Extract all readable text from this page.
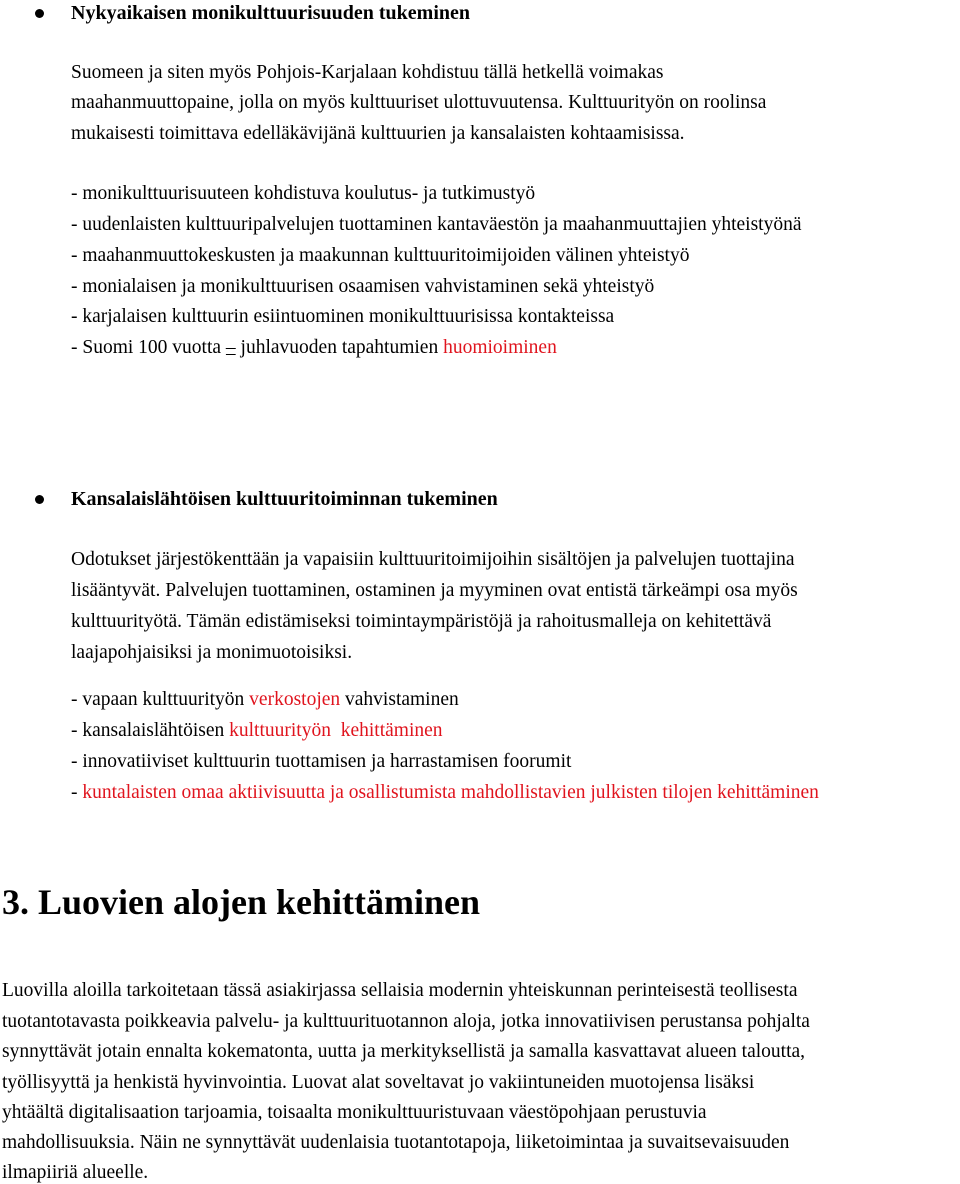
Nykyaikaisen monikulttuurisuuden tukeminen
Suomeen ja siten myös Pohjois-Karjalaan kohdistuu tällä hetkellä voimakas
maahanmuuttopaine, jolla on myös kulttuuriset ulottuvuutensa. Kulttuurityön on roolinsa
mukaisesti toimittava edelläkävijänä kulttuurien ja kansalaisten kohtaamisissa.
- monikulttuurisuuteen kohdistuva koulutus- ja tutkimustyö
- uudenlaisten kulttuuripalvelujen tuottaminen kantaväestön ja maahanmuuttajien yhteistyönä
- maahanmuuttokeskusten ja maakunnan kulttuuritoimijoiden välinen yhteistyö
- monialaisen ja monikulttuurisen osaamisen vahvistaminen sekä yhteistyö
- karjalaisen kulttuurin esiintuominen monikulttuurisissa kontakteissa
- Suomi 100 vuotta – juhlavuoden tapahtumien huomioiminen
Kansalaislähtöisen kulttuuritoiminnan tukeminen
Odotukset järjestökenttään ja vapaisiin kulttuuritoimijoihin sisältöjen ja palvelujen tuottajina
lisääntyvät. Palvelujen tuottaminen, ostaminen ja myyminen ovat entistä tärkeämpi osa myös
kulttuurityötä. Tämän edistämiseksi toimintaympäristöjä ja rahoitusmalleja on kehitettävä
laajapohjaisiksi ja monimuotoisiksi.
- vapaan kulttuurityön verkostojen vahvistaminen
- kansalaislähtöisen kulttuurityön  kehittäminen
- innovatiiviset kulttuurin tuottamisen ja harrastamisen foorumit
- kuntalaisten omaa aktiivisuutta ja osallistumista mahdollistavien julkisten tilojen kehittäminen
3. Luovien alojen kehittäminen
Luovilla aloilla tarkoitetaan tässä asiakirjassa sellaisia modernin yhteiskunnan perinteisestä teollisesta
tuotantotavasta poikkeavia palvelu- ja kulttuurituotannon aloja, jotka innovatiivisen perustansa pohjalta
synnyttävät jotain ennalta kokematonta, uutta ja merkityksellistä ja samalla kasvattavat alueen taloutta,
työllisyyttä ja henkistä hyvinvointia. Luovat alat soveltavat jo vakiintuneiden muotojensa lisäksi
yhtäältä digitalisaation tarjoamia, toisaalta monikulttuuristuvaan väestöpohjaan perustuvia
mahdollisuuksia. Näin ne synnyttävät uudenlaisia tuotantotapoja, liiketoimintaa ja suvaitsevaisuuden
ilmapiiriä alueelle.
